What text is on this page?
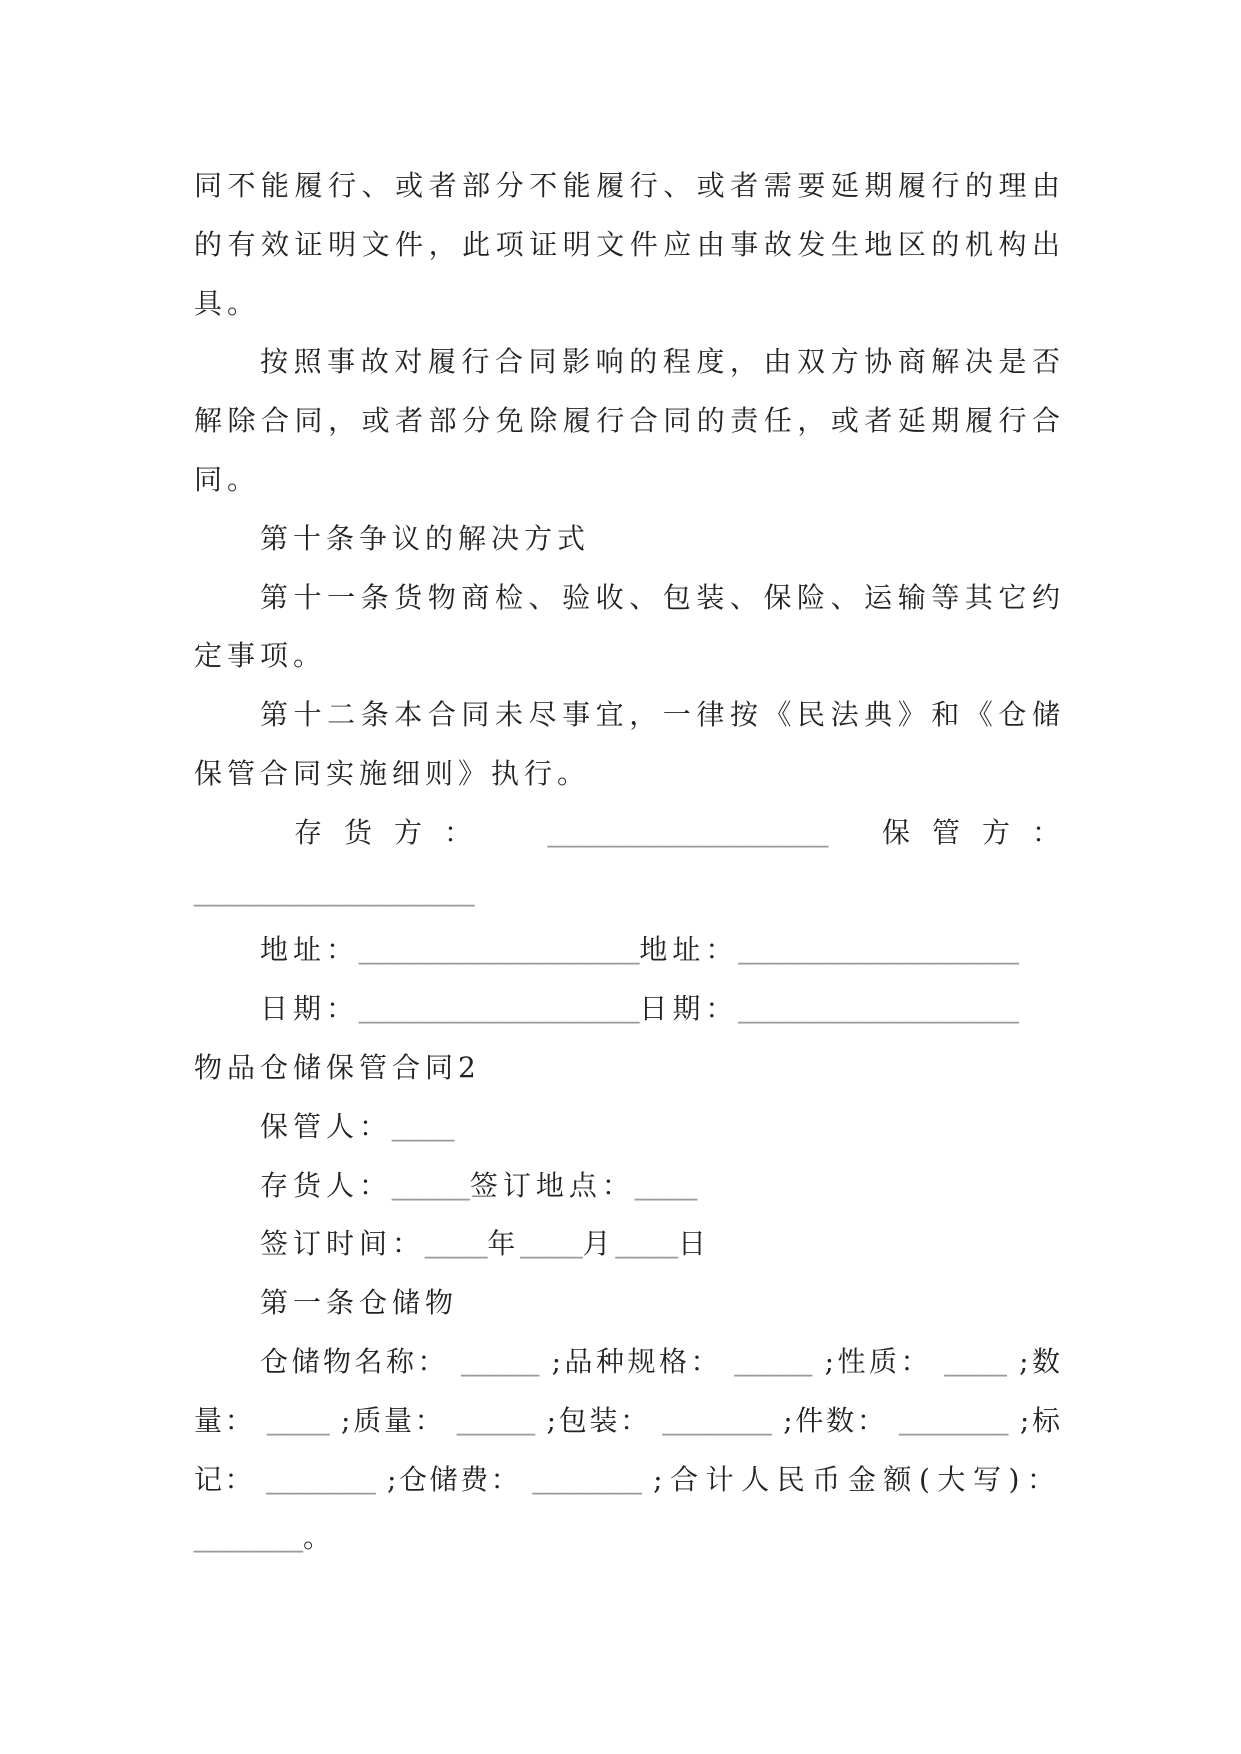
同不能履行、或者部分不能履行、或者需要延期履行的理由
的有效证明文件，此项证明文件应由事故发生地区的机构出
具。
按照事故对履行合同影响的程度，由双方协商解决是否
解除合同，或者部分免除履行合同的责任，或者延期履行合
同。
第十条争议的解决方式
第十一条货物商检、验收、包装、保险、运输等其它约
定事项。
第十二条本合同未尽事宜，一律按《民法典》和《仓储
保管合同实施细则》执行。
存货方： __________________ 保管方：
__________________
地址：__________________地址：__________________
日期：__________________日期：__________________
物品仓储保管合同2
保管人：____
存货人：_____签订地点：____
签订时间：____年____月____日
第一条仓储物
仓储物名称： _____ ;品种规格： _____ ;性质： ____ ;数
量： ____ ;质量： _____ ;包装： _______ ;件数： _______ ;标
记： _______ ;仓储费： _______ ;合计人民币金额(大写)：
_______。
